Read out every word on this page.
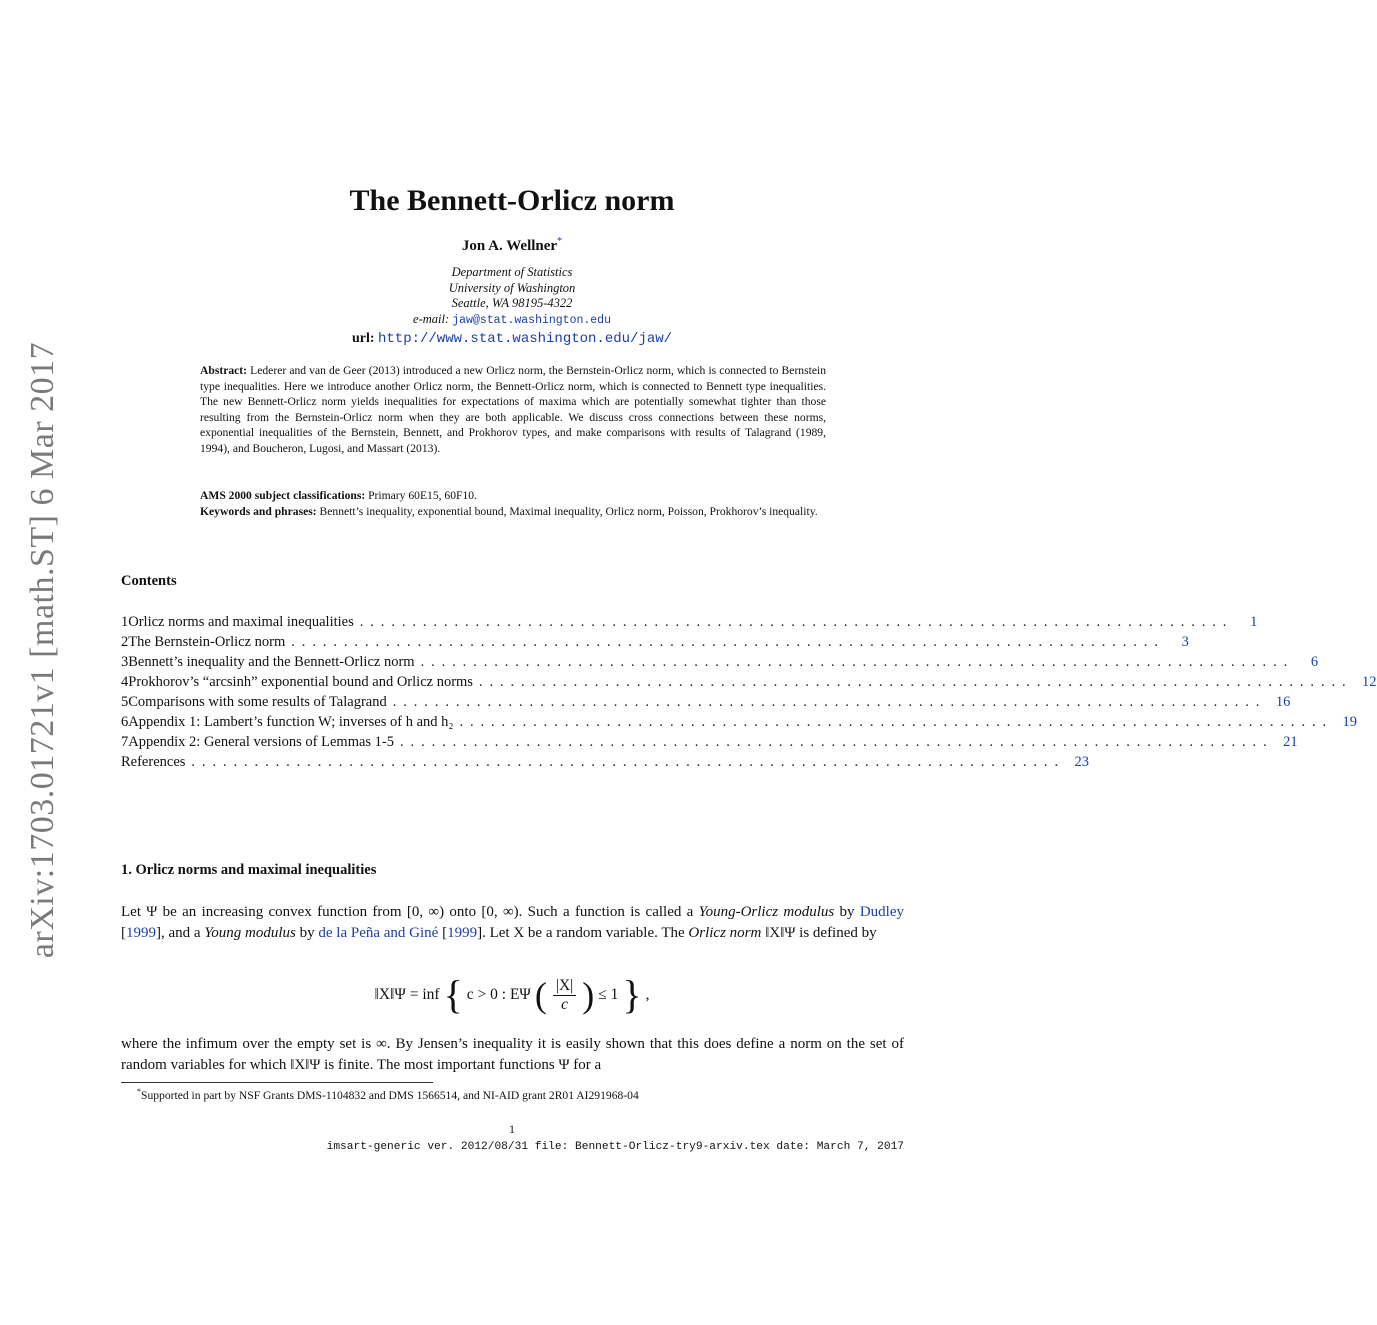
arXiv:1703.01721v1 [math.ST] 6 Mar 2017
The Bennett-Orlicz norm
Jon A. Wellner*
Department of Statistics
University of Washington
Seattle, WA 98195-4322
e-mail: jaw@stat.washington.edu
url: http://www.stat.washington.edu/jaw/
Abstract: Lederer and van de Geer (2013) introduced a new Orlicz norm, the Bernstein-Orlicz norm, which is connected to Bernstein type inequalities. Here we introduce another Orlicz norm, the Bennett-Orlicz norm, which is connected to Bennett type inequalities. The new Bennett-Orlicz norm yields inequalities for expectations of maxima which are potentially somewhat tighter than those resulting from the Bernstein-Orlicz norm when they are both applicable. We discuss cross connections between these norms, exponential inequalities of the Bernstein, Bennett, and Prokhorov types, and make comparisons with results of Talagrand (1989, 1994), and Boucheron, Lugosi, and Massart (2013).
AMS 2000 subject classifications: Primary 60E15, 60F10.
Keywords and phrases: Bennett’s inequality, exponential bound, Maximal inequality, Orlicz norm, Poisson, Prokhorov’s inequality.
Contents
1 Orlicz norms and maximal inequalities ...................................................................................	1
2 The Bernstein-Orlicz norm ...................................................................................	3
3 Bennett’s inequality and the Bennett-Orlicz norm ...................................................................................	6
4 Prokhorov’s “arcsinh” exponential bound and Orlicz norms ................................................................................... 12
5 Comparisons with some results of Talagrand ................................................................................... 16
6 Appendix 1: Lambert’s function W; inverses of h and h₂ ................................................................................... 19
7 Appendix 2: General versions of Lemmas 1-5 ................................................................................... 21
References ................................................................................... 23
1. Orlicz norms and maximal inequalities
Let Ψ be an increasing convex function from [0, ∞) onto [0, ∞). Such a function is called a Young-Orlicz modulus by Dudley [1999], and a Young modulus by de la Peña and Giné [1999]. Let X be a random variable. The Orlicz norm ‖X‖Ψ is defined by
‖X‖Ψ = inf { c > 0 : EΨ ( $\frac{|X|}{c}$ ) ≤ 1 } ,
where the infimum over the empty set is ∞. By Jensen’s inequality it is easily shown that this does define a norm on the set of random variables for which ‖X‖Ψ is finite. The most important functions Ψ for a
*Supported in part by NSF Grants DMS-1104832 and DMS 1566514, and NI-AID grant 2R01 AI291968-04
1
imsart-generic ver. 2012/08/31 file: Bennett-Orlicz-try9-arxiv.tex date: March 7, 2017
